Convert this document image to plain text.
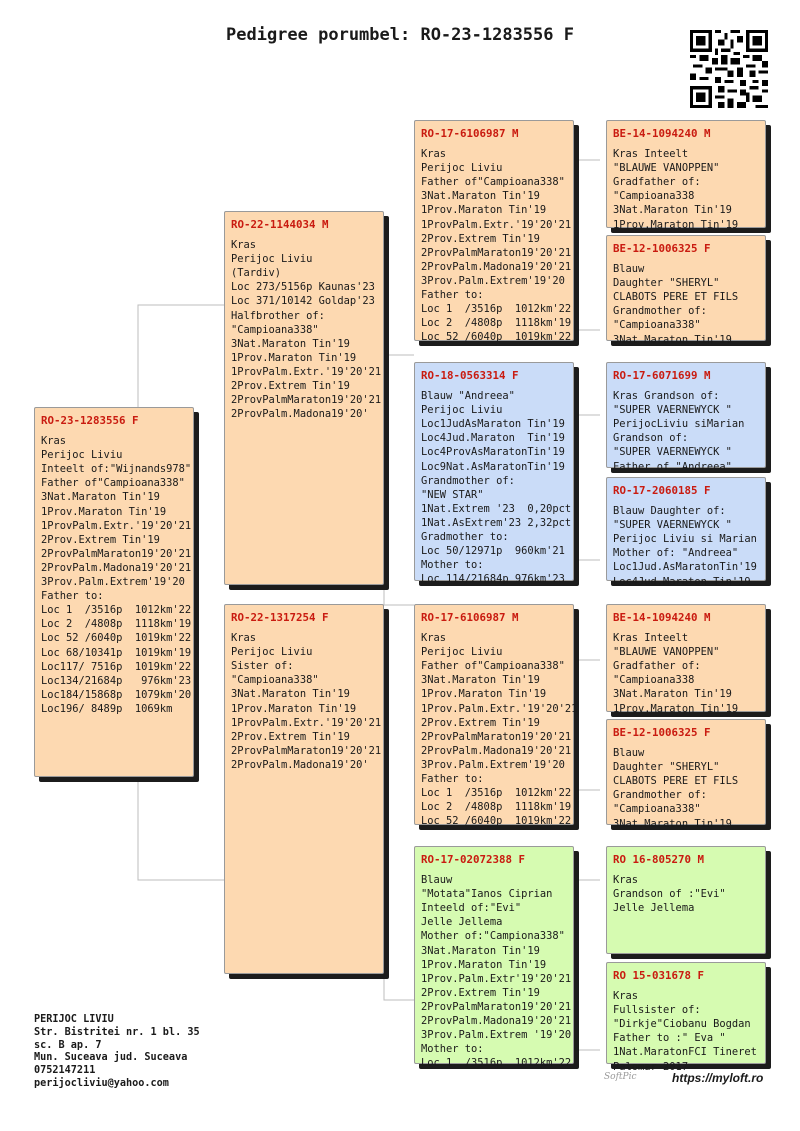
Pedigree porumbel: RO-23-1283556 F
RO-23-1283556 F
Kras
Perijoc Liviu
Inteelt of:"Wijnands978"
Father of"Campioana338"
3Nat.Maraton Tin'19
1Prov.Maraton Tin'19
1ProvPalm.Extr.'19'20'21
2Prov.Extrem Tin'19
2ProvPalmMaraton19'20'21
2ProvPalm.Madona19'20'21
3Prov.Palm.Extrem'19'20
Father to:
Loc 1  /3516p  1012km'22
Loc 2  /4808p  1118km'19
Loc 52 /6040p  1019km'22
Loc 68/10341p  1019km'19
Loc117/ 7516p  1019km'22
Loc134/21684p   976km'23
Loc184/15868p  1079km'20
Loc196/ 8489p  1069km
RO-22-1144034 M
Kras
Perijoc Liviu
(Tardiv)
Loc 273/5156p Kaunas'23
Loc 371/10142 Goldap'23
Halfbrother of:
"Campioana338"
3Nat.Maraton Tin'19
1Prov.Maraton Tin'19
1ProvPalm.Extr.'19'20'21
2Prov.Extrem Tin'19
2ProvPalmMaraton19'20'21
2ProvPalm.Madona19'20'
RO-22-1317254 F
Kras
Perijoc Liviu
Sister of:
"Campioana338"
3Nat.Maraton Tin'19
1Prov.Maraton Tin'19
1ProvPalm.Extr.'19'20'21
2Prov.Extrem Tin'19
2ProvPalmMaraton19'20'21
2ProvPalm.Madona19'20'
RO-17-6106987 M
Kras
Perijoc Liviu
Father of"Campioana338"
3Nat.Maraton Tin'19
1Prov.Maraton Tin'19
1ProvPalm.Extr.'19'20'21
2Prov.Extrem Tin'19
2ProvPalmMaraton19'20'21
2ProvPalm.Madona19'20'21
3Prov.Palm.Extrem'19'20
Father to:
Loc 1  /3516p  1012km'22
Loc 2  /4808p  1118km'19
Loc 52 /6040p  1019km'22
RO-18-0563314 F
Blauw "Andreea"
Perijoc Liviu
Loc1JudAsMaraton Tin'19
Loc4Jud.Maraton  Tin'19
Loc4ProvAsMaratonTin'19
Loc9Nat.AsMaratonTin'19
Grandmother of:
"NEW STAR"
1Nat.Extrem '23  0,20pct
1Nat.AsExtrem'23 2,32pct
Gradmother to:
Loc 50/12971p  960km'21
Mother to:
Loc 114/21684p 976km'23
RO-17-6106987 M
Kras
Perijoc Liviu
Father of"Campioana338"
3Nat.Maraton Tin'19
1Prov.Maraton Tin'19
1Prov.Palm.Extr.'19'20'21
2Prov.Extrem Tin'19
2ProvPalmMaraton19'20'21
2ProvPalm.Madona19'20'21
3Prov.Palm.Extrem'19'20
Father to:
Loc 1  /3516p  1012km'22
Loc 2  /4808p  1118km'19
Loc 52 /6040p  1019km'22
RO-17-02072388 F
Blauw
"Motata"Ianos Ciprian
Inteeld of:"Evi"
Jelle Jellema
Mother of:"Campiona338"
3Nat.Maraton Tin'19
1Prov.Maraton Tin'19
1Prov.Palm.Extr'19'20'21
2Prov.Extrem Tin'19
2ProvPalmMaraton19'20'21
2ProvPalm.Madona19'20'21
3Prov.Palm.Extrem '19'20
Mother to:
Loc 1  /3516p  1012km'22
BE-14-1094240 M
Kras Inteelt
"BLAUWE VANOPPEN"
Gradfather of:
"Campioana338
3Nat.Maraton Tin'19
1Prov.Maraton Tin'19
BE-12-1006325 F
Blauw
Daughter "SHERYL"
CLABOTS PERE ET FILS
Grandmother of:
"Campioana338"
3Nat.Maraton Tin'19
RO-17-6071699 M
Kras Grandson of:
"SUPER VAERNEWYCK "
PerijocLiviu siMarian
Grandson of:
"SUPER VAERNEWYCK "
Father of "Andreea"
RO-17-2060185 F
Blauw Daughter of:
"SUPER VAERNEWYCK "
Perijoc Liviu si Marian
Mother of: "Andreea"
Loc1Jud.AsMaratonTin'19
Loc4Jud.Maraton Tin'19
BE-14-1094240 M
Kras Inteelt
"BLAUWE VANOPPEN"
Gradfather of:
"Campioana338
3Nat.Maraton Tin'19
1Prov.Maraton Tin'19
BE-12-1006325 F
Blauw
Daughter "SHERYL"
CLABOTS PERE ET FILS
Grandmother of:
"Campioana338"
3Nat.Maraton Tin'19
RO 16-805270 M
Kras
Grandson of :"Evi"
Jelle Jellema
RO 15-031678 F
Kras
Fullsister of:
"Dirkje"Ciobanu Bogdan
Father to :" Eva "
1Nat.MaratonFCI Tineret
Palomar 2017
PERIJOC LIVIU
Str. Bistritei nr. 1 bl. 35
sc. B ap. 7
Mun. Suceava jud. Suceava
0752147211
perijocliviu@yahoo.com
SoftPic	https://myloft.ro
